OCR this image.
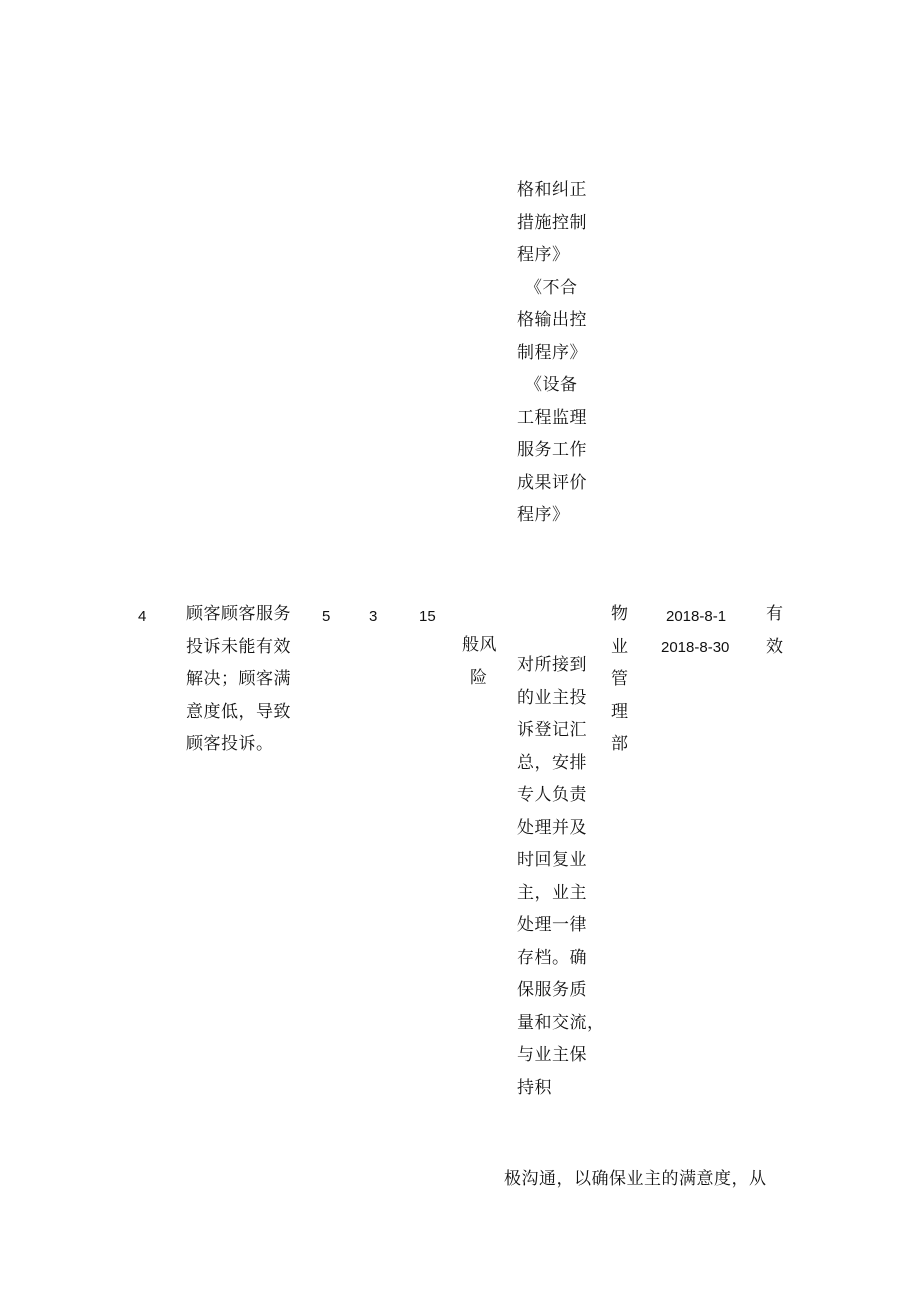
格和纠正
措施控制
程序》
《不合
格输出控
制程序》
《设备
工程监理
服务工作
成果评价
程序》
4 顾客顾客服务
投诉未能有效
解决；顾客满
意度低，导致
顾客投诉。
5	3	15
般风
险
对所接到
的业主投
诉登记汇
总，安排
专人负责
处理并及
时回复业
主，业主
处理一律
存档。确
保服务质
量和交流，
与业主保
持积
物
业
管
理
部
2018-8-1
2018-8-30
有
效
极沟通，以确保业主的满意度，从
